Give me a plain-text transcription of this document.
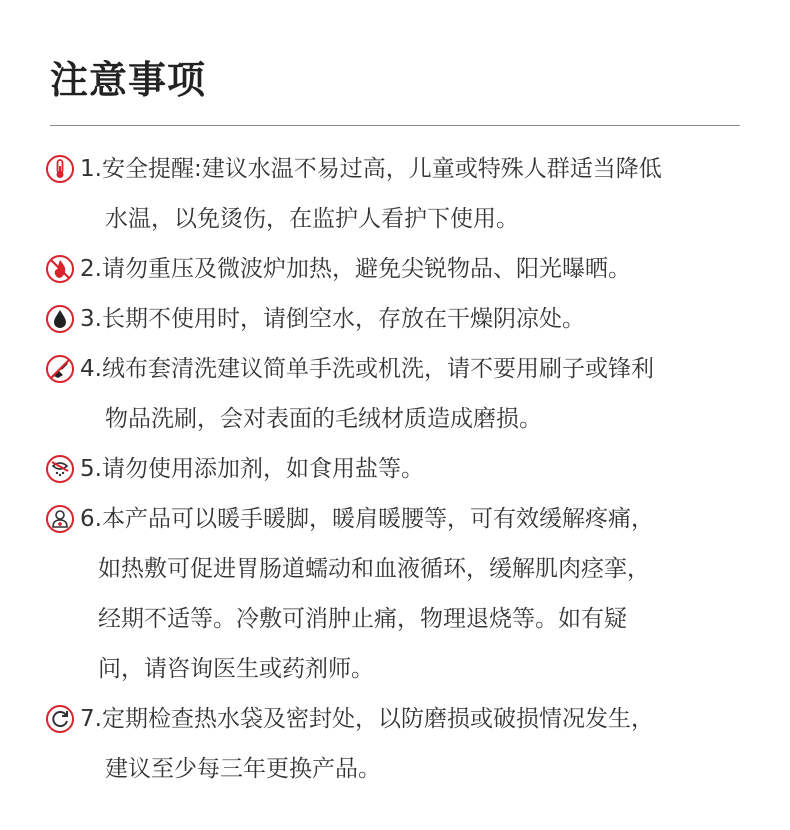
注意事项
1.安全提醒:建议水温不易过高，儿童或特殊人群适当降低
水温，以免烫伤，在监护人看护下使用。
2.请勿重压及微波炉加热，避免尖锐物品、阳光曝晒。
3.长期不使用时，请倒空水，存放在干燥阴凉处。
4.绒布套清洗建议简单手洗或机洗，请不要用刷子或锋利
物品洗刷，会对表面的毛绒材质造成磨损。
5.请勿使用添加剂，如食用盐等。
6.本产品可以暖手暖脚，暖肩暖腰等，可有效缓解疼痛，
如热敷可促进胃肠道蠕动和血液循环，缓解肌肉痉挛，
经期不适等。冷敷可消肿止痛，物理退烧等。如有疑
问，请咨询医生或药剂师。
7.定期检查热水袋及密封处，以防磨损或破损情况发生，
建议至少每三年更换产品。
